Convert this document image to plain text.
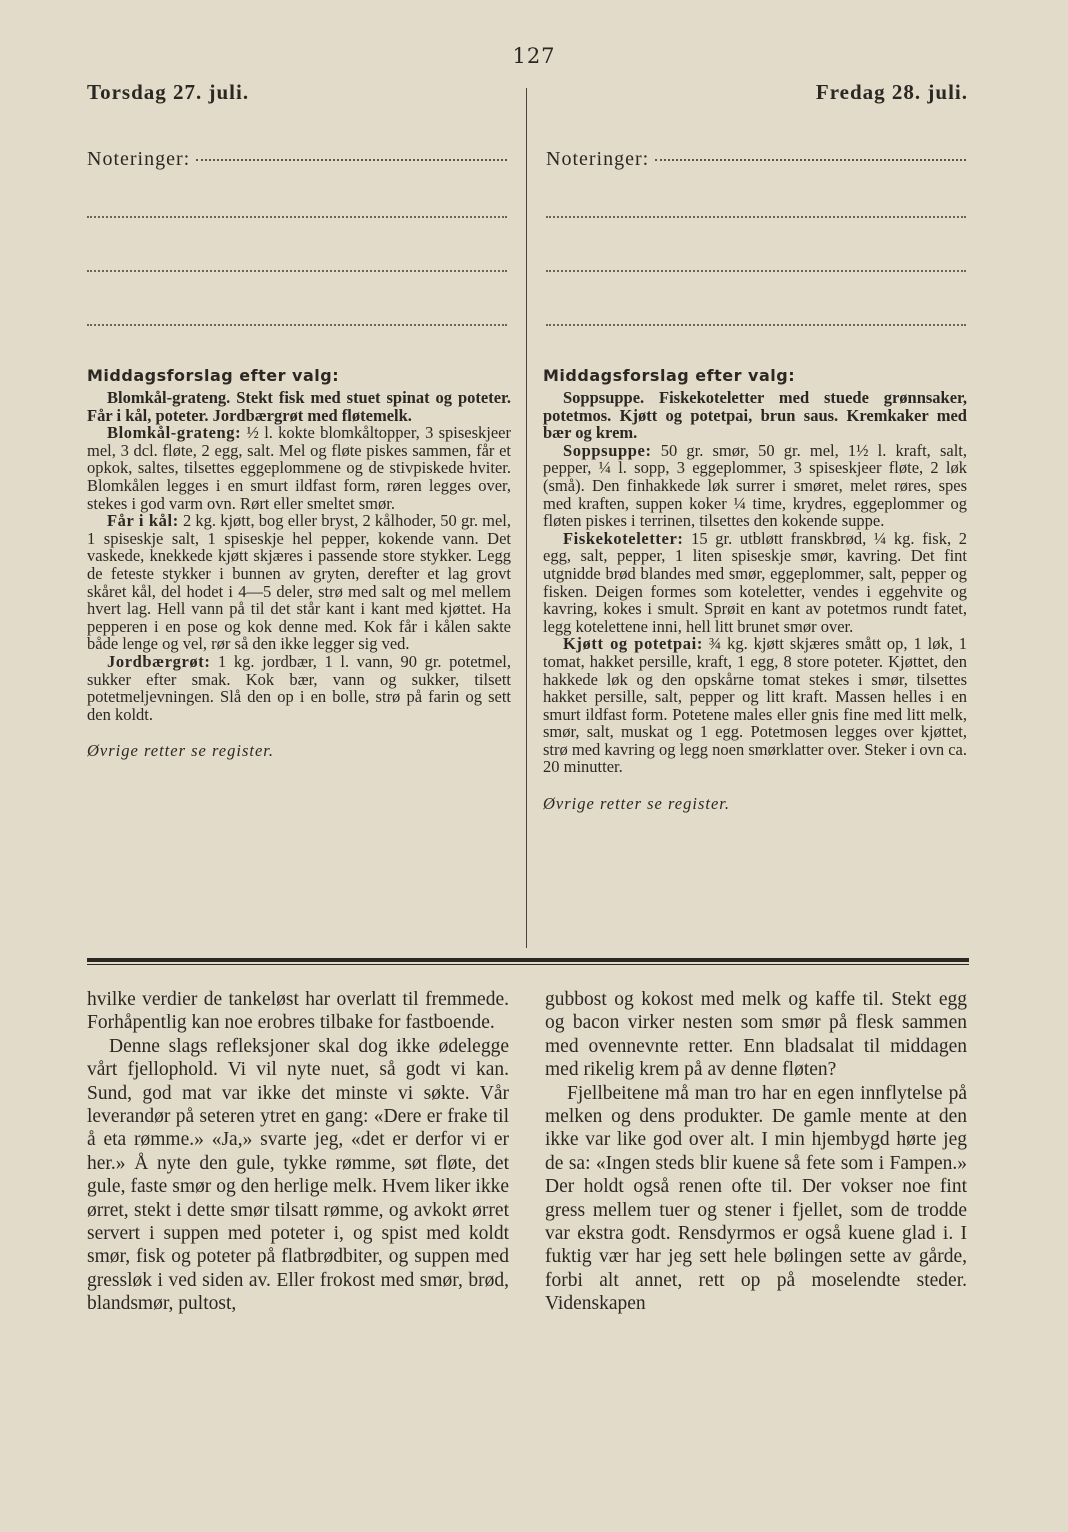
127
Torsdag 27. juli.	Fredag 28. juli.
Noteringer:	Noteringer:
Middagsforslag efter valg:

Blomkål-grateng. Stekt fisk med stuet spinat og poteter. Får i kål, poteter. Jordbærgrøt med fløtemelk.

Blomkål-grateng: ½ l. kokte blomkåltopper, 3 spiseskjeer mel, 3 dcl. fløte, 2 egg, salt. Mel og fløte piskes sammen, får et opkok, saltes, tilsettes eggeplommene og de stivpiskede hviter. Blomkålen legges i en smurt ildfast form, røren legges over, stekes i god varm ovn. Rørt eller smeltet smør.

Får i kål: 2 kg. kjøtt, bog eller bryst, 2 kålhoder, 50 gr. mel, 1 spiseskje salt, 1 spiseskje hel pepper, kokende vann. Det vaskede, knekkede kjøtt skjæres i passende store stykker. Legg de feteste stykker i bunnen av gryten, derefter et lag grovt skåret kål, del hodet i 4—5 deler, strø med salt og mel mellem hvert lag. Hell vann på til det står kant i kant med kjøttet. Ha pepperen i en pose og kok denne med. Kok får i kålen sakte både lenge og vel, rør så den ikke legger sig ved.

Jordbærgrøt: 1 kg. jordbær, 1 l. vann, 90 gr. potetmel, sukker efter smak. Kok bær, vann og sukker, tilsett potetmeljevningen. Slå den op i en bolle, strø på farin og sett den koldt.

Øvrige retter se register.
Middagsforslag efter valg:

Soppsuppe. Fiskekoteletter med stuede grønnsaker, potetmos. Kjøtt og potetpai, brun saus. Kremkaker med bær og krem.

Soppsuppe: 50 gr. smør, 50 gr. mel, 1½ l. kraft, salt, pepper, ¼ l. sopp, 3 eggeplommer, 3 spiseskjeer fløte, 2 løk (små). Den finhakkede løk surrer i smøret, melet røres, spes med kraften, suppen koker ¼ time, krydres, eggeplommer og fløten piskes i terrinen, tilsettes den kokende suppe.

Fiskekoteletter: 15 gr. utbløtt franskbrød, ¼ kg. fisk, 2 egg, salt, pepper, 1 liten spiseskje smør, kavring. Det fint utgnidde brød blandes med smør, eggeplommer, salt, pepper og fisken. Deigen formes som koteletter, vendes i eggehvite og kavring, kokes i smult. Sprøit en kant av potetmos rundt fatet, legg kotelettene inni, hell litt brunet smør over.

Kjøtt og potetpai: ¾ kg. kjøtt skjæres smått op, 1 løk, 1 tomat, hakket persille, kraft, 1 egg, 8 store poteter. Kjøttet, den hakkede løk og den opskårne tomat stekes i smør, tilsettes hakket persille, salt, pepper og litt kraft. Massen helles i en smurt ildfast form. Potetene males eller gnis fine med litt melk, smør, salt, muskat og 1 egg. Potetmosen legges over kjøttet, strø med kavring og legg noen smørklatter over. Steker i ovn ca. 20 minutter.

Øvrige retter se register.

hvilke verdier de tankeløst har overlatt til fremmede. Forhåpentlig kan noe erobres tilbake for fastboende.

Denne slags refleksjoner skal dog ikke ødelegge vårt fjellophold. Vi vil nyte nuet, så godt vi kan. Sund, god mat var ikke det minste vi søkte. Vår leverandør på seteren ytret en gang: «Dere er frake til å eta rømme.» «Ja,» svarte jeg, «det er derfor vi er her.» Å nyte den gule, tykke rømme, søt fløte, det gule, faste smør og den herlige melk. Hvem liker ikke ørret, stekt i dette smør tilsatt rømme, og avkokt ørret servert i suppen med poteter i, og spist med koldt smør, fisk og poteter på flatbrødbiter, og suppen med gressløk i ved siden av. Eller frokost med smør, brød, blandsmør, pultost,

gubbost og kokost med melk og kaffe til. Stekt egg og bacon virker nesten som smør på flesk sammen med ovennevnte retter. Enn bladsalat til middagen med rikelig krem på av denne fløten?

Fjellbeitene må man tro har en egen innflytelse på melken og dens produkter. De gamle mente at den ikke var like god over alt. I min hjembygd hørte jeg de sa: «Ingen steds blir kuene så fete som i Fampen.» Der holdt også renen ofte til. Der vokser noe fint gress mellem tuer og stener i fjellet, som de trodde var ekstra godt. Rensdyrmos er også kuene glad i. I fuktig vær har jeg sett hele bølingen sette av gårde, forbi alt annet, rett op på moselendte steder. Videnskapen
